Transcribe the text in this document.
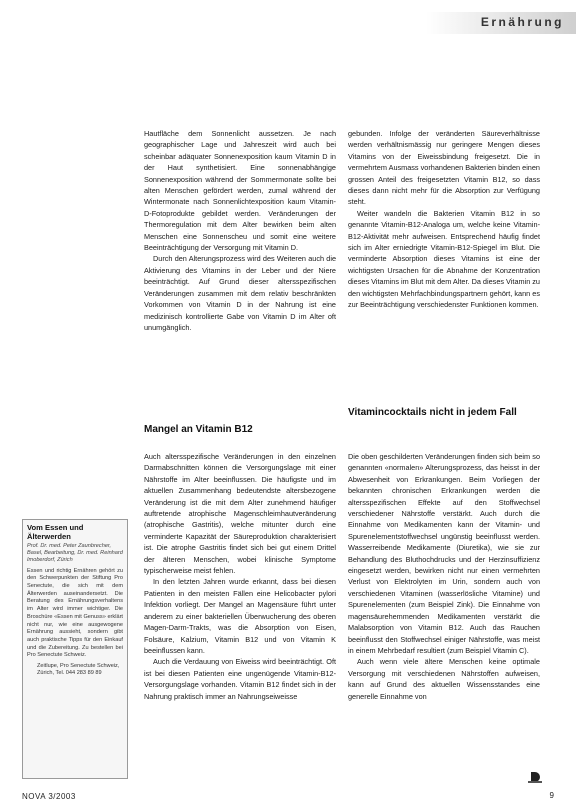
Ernährung

Hautfläche dem Sonnenlicht aussetzen. Je nach geographischer Lage und Jahreszeit wird auch bei scheinbar adäquater Sonnenexposition kaum Vitamin D in der Haut synthetisiert. Eine sonnenabhängige Sonnenexposition während der Sommermonate sollte bei alten Menschen gefördert werden, zumal während der Wintermonate nach Sonnenlichtexposition kaum Vitamin-D-Fotoprodukte gebildet werden. Veränderungen der Thermoregulation mit dem Alter bewirken beim alten Menschen eine Sonnenscheu und somit eine weitere Beeinträchtigung der Versorgung mit Vitamin D.

Durch den Alterungsprozess wird des Weiteren auch die Aktivierung des Vitamins in der Leber und der Niere beeinträchtigt. Auf Grund dieser altersspezifischen Veränderungen zusammen mit dem relativ beschränkten Vorkommen von Vitamin D in der Nahrung ist eine medizinisch kontrollierte Gabe von Vitamin D im Alter oft unumgänglich.

Mangel an Vitamin B12

Auch altersspezifische Veränderungen in den einzelnen Darmabschnitten können die Versorgungslage mit einer Nährstoffe im Alter beeinflussen. Die häufigste und im aktuellen Zusammenhang bedeutendste altersbezogene Veränderung ist die mit dem Alter zunehmend häufiger auftretende atrophische Magenschleimhautveränderung (atrophische Gastritis), welche mitunter durch eine verminderte Kapazität der Säureproduktion charakterisiert ist. Die atrophe Gastritis findet sich bei gut einem Drittel der älteren Menschen, wobei klinische Symptome typischerweise meist fehlen.

In den letzten Jahren wurde erkannt, dass bei diesen Patienten in den meisten Fällen eine Helicobacter pylori Infektion vorliegt. Der Mangel an Magensäure führt unter anderem zu einer bakteriellen Überwucherung des oberen Magen-Darm-Trakts, was die Absorption von Eisen, Folsäure, Kalzium, Vitamin B12 und von Vitamin K beeinflussen kann.

Auch die Verdauung von Eiweiss wird beeinträchtigt. Oft ist bei diesen Patienten eine ungenügende Vitamin-B12-Versorgungslage vorhanden. Vitamin B12 findet sich in der Nahrung praktisch immer an Nahrungseiweisse

gebunden. Infolge der veränderten Säureverhältnisse werden verhältnismässig nur geringere Mengen dieses Vitamins von der Eiweissbindung freigesetzt. Die in vermehrtem Ausmass vorhandenen Bakterien binden einen grossen Anteil des freigesetzten Vitamin B12, so dass dieses dann nicht mehr für die Absorption zur Verfügung steht.

Weiter wandeln die Bakterien Vitamin B12 in so genannte Vitamin-B12-Analoga um, welche keine Vitamin-B12-Aktivität mehr aufweisen. Entsprechend häufig findet sich im Alter erniedrigte Vitamin-B12-Spiegel im Blut. Die verminderte Absorption dieses Vitamins ist eine der wichtigsten Ursachen für die Abnahme der Konzentration dieses Vitamins im Blut mit dem Alter. Da dieses Vitamin zu den wichtigsten Mehrfachbindungspartnern gehört, kann es zur Beeinträchtigung verschiedenster Funktionen kommen.

Vitamincocktails nicht in jedem Fall

Die oben geschilderten Veränderungen finden sich beim so genannten «normalen» Alterungsprozess, das heisst in der Abwesenheit von Erkrankungen. Beim Vorliegen der bekannten chronischen Erkrankungen werden die altersspezifischen Effekte auf den Stoffwechsel verschiedener Nährstoffe verstärkt. Auch durch die Einnahme von Medikamenten kann der Vitamin- und Spurenelementstoffwechsel ungünstig beeinflusst werden. Wasserreibende Medikamente (Diuretika), wie sie zur Behandlung des Bluthochdrucks und der Herzinsuffizienz eingesetzt werden, bewirken nicht nur einen vermehrten Verlust von Elektrolyten im Urin, sondern auch von verschiedenen Vitaminen (wasserlösliche Vitamine) und Spurenelementen (zum Beispiel Zink). Die Einnahme von magensäurehemmenden Medikamenten verstärkt die Malabsorption von Vitamin B12. Auch das Rauchen beeinflusst den Stoffwechsel einiger Nährstoffe, was meist in einem Mehrbedarf resultiert (zum Beispiel Vitamin C).

Auch wenn viele ältere Menschen keine optimale Versorgung mit verschiedenen Nährstoffen aufweisen, kann auf Grund des aktuellen Wissensstandes eine generelle Einnahme von

Vom Essen und Älterwerden
Prof. Dr. med. Peter Zaunbrecher, Basel, Bearbeitung, Dr. med. Reinhard Imoberdorf, Zürich
Essen und richtig Ernähren gehört zu den Schwerpunkten der Stiftung Pro Senectute, die sich mit dem Älterwerden auseinandersetzt. Die Beratung des Ernährungsverhaltens im Alter wird immer wichtiger. Die Broschüre «Essen mit Genuss» erklärt nicht nur, wie eine ausgewogene Ernährung aussieht, sondern gibt auch praktische Tipps für den Einkauf und die Zubereitung. Zu bestellen bei Pro Senectute Schweiz.
Zeitlupe, Pro Senectute Schweiz, Zürich, Tel. 044 283 89 89
NOVA 3/2003	9
